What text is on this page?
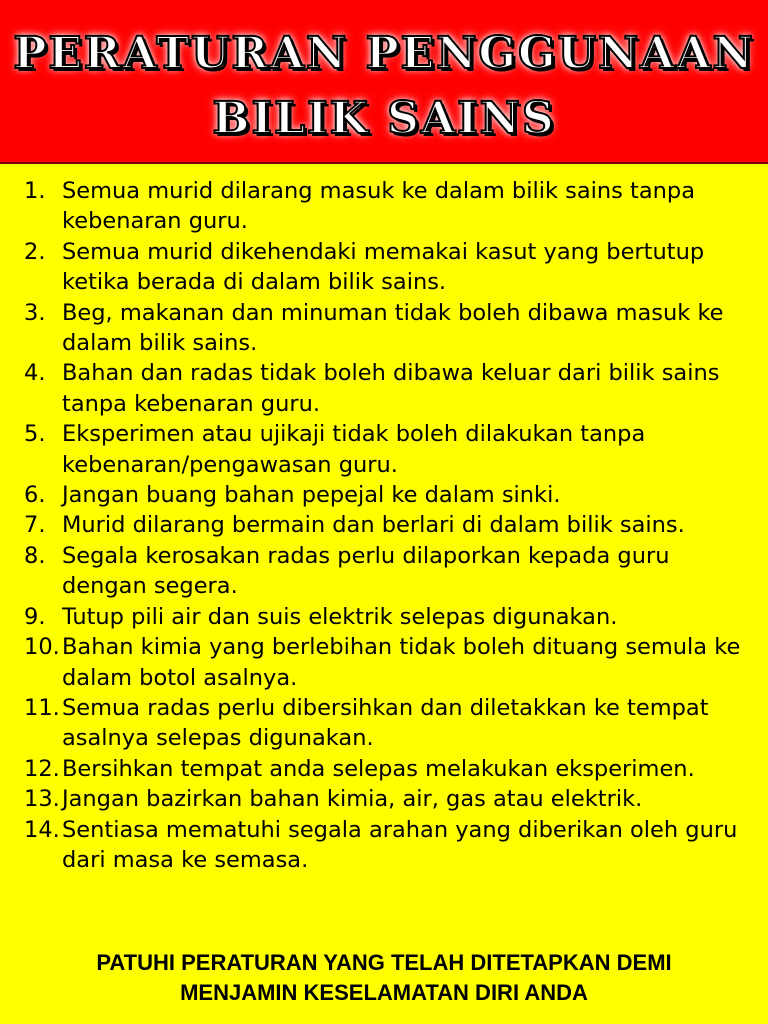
PERATURAN PENGGUNAAN
BILIK SAINS
1. Semua murid dilarang masuk ke dalam bilik sains tanpa kebenaran guru.
2. Semua murid dikehendaki memakai kasut yang bertutup ketika berada di dalam bilik sains.
3. Beg, makanan dan minuman tidak boleh dibawa masuk ke dalam bilik sains.
4. Bahan dan radas tidak boleh dibawa keluar dari bilik sains tanpa kebenaran guru.
5. Eksperimen atau ujikaji tidak boleh dilakukan tanpa kebenaran/pengawasan guru.
6. Jangan buang bahan pepejal ke dalam sinki.
7. Murid dilarang bermain dan berlari di dalam bilik sains.
8. Segala kerosakan radas perlu dilaporkan kepada guru dengan segera.
9. Tutup pili air dan suis elektrik selepas digunakan.
10. Bahan kimia yang berlebihan tidak boleh dituang semula ke dalam botol asalnya.
11. Semua radas perlu dibersihkan dan diletakkan ke tempat asalnya selepas digunakan.
12. Bersihkan tempat anda selepas melakukan eksperimen.
13. Jangan bazirkan bahan kimia, air, gas atau elektrik.
14. Sentiasa mematuhi segala arahan yang diberikan oleh guru dari masa ke semasa.
PATUHI PERATURAN YANG TELAH DITETAPKAN DEMI
MENJAMIN KESELAMATAN DIRI ANDA
